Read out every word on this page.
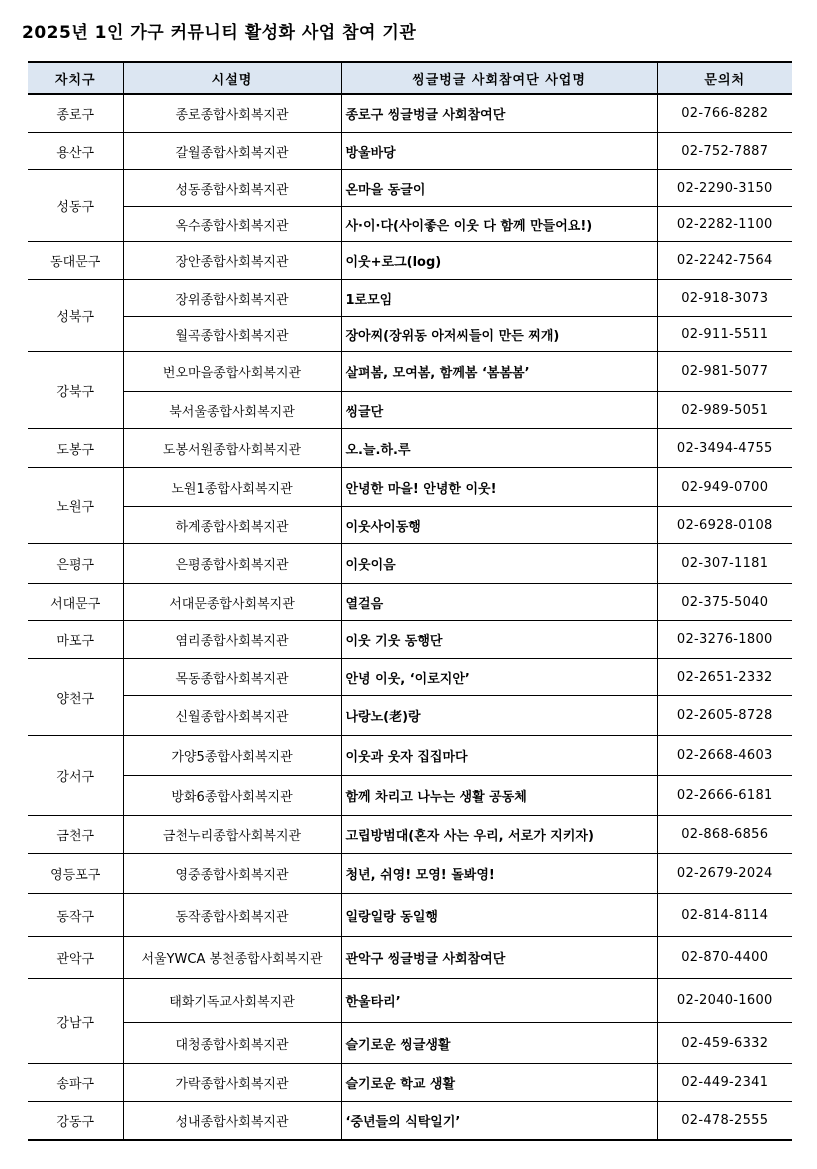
2025년 1인 가구 커뮤니티 활성화 사업 참여 기관
자치구	시설명	씽글벙글 사회참여단 사업명	문의처
종로구	종로종합사회복지관	종로구 씽글벙글 사회참여단	02-766-8282
용산구	갈월종합사회복지관	방울바당	02-752-7887
성동구	성동종합사회복지관	온마을 동글이	02-2290-3150
	옥수종합사회복지관	사·이·다(사이좋은 이웃 다 함께 만들어요!)	02-2282-1100
동대문구	장안종합사회복지관	이웃+로그(log)	02-2242-7564
성북구	장위종합사회복지관	1로모임	02-918-3073
	월곡종합사회복지관	장아찌(장위동 아저씨들이 만든 찌개)	02-911-5511
강북구	번오마을종합사회복지관	살펴봄, 모여봄, 함께봄 ‘봄봄봄’	02-981-5077
	북서울종합사회복지관	씽글단	02-989-5051
도봉구	도봉서원종합사회복지관	오.늘.하.루	02-3494-4755
노원구	노원1종합사회복지관	안녕한 마을! 안녕한 이웃!	02-949-0700
	하계종합사회복지관	이웃사이동행	02-6928-0108
은평구	은평종합사회복지관	이웃이음	02-307-1181
서대문구	서대문종합사회복지관	열걸음	02-375-5040
마포구	염리종합사회복지관	이웃 기웃 동행단	02-3276-1800
양천구	목동종합사회복지관	안녕 이웃, ‘이로지안’	02-2651-2332
	신월종합사회복지관	나랑노(老)랑	02-2605-8728
강서구	가양5종합사회복지관	이웃과 웃자 집집마다	02-2668-4603
	방화6종합사회복지관	함께 차리고 나누는 생활 공동체	02-2666-6181
금천구	금천누리종합사회복지관	고립방범대(혼자 사는 우리, 서로가 지키자)	02-868-6856
영등포구	영중종합사회복지관	청년, 쉬영! 모영! 돌봐영!	02-2679-2024
동작구	동작종합사회복지관	일랑일랑 동일행	02-814-8114
관악구	서울YWCA 봉천종합사회복지관	관악구 씽글벙글 사회참여단	02-870-4400
강남구	태화기독교사회복지관	한울타리’	02-2040-1600
	대청종합사회복지관	슬기로운 씽글생활	02-459-6332
송파구	가락종합사회복지관	슬기로운 학교 생활	02-449-2341
강동구	성내종합사회복지관	‘중년들의 식탁일기’	02-478-2555
